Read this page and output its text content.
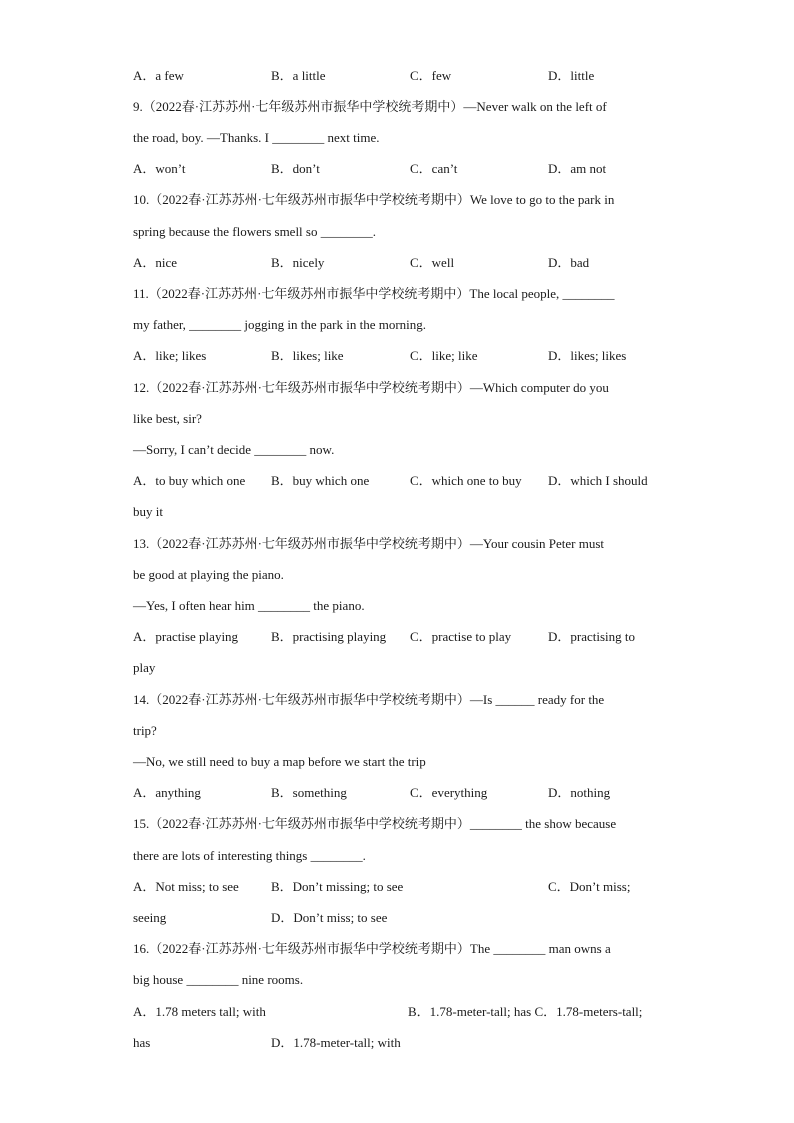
A．a few	B．a little	C．few	D．little
9.（2022春·江苏苏州·七年级苏州市振华中学校统考期中）—Never walk on the left of
the road, boy. —Thanks. I ________ next time.
A．won’t	B．don’t	C．can’t	D．am not
10.（2022春·江苏苏州·七年级苏州市振华中学校统考期中）We love to go to the park in
spring because the flowers smell so ________.
A．nice	B．nicely	C．well	D．bad
11.（2022春·江苏苏州·七年级苏州市振华中学校统考期中）The local people, ________
my father, ________ jogging in the park in the morning.
A．like; likes	B．likes; like	C．like; like	D．likes; likes
12.（2022春·江苏苏州·七年级苏州市振华中学校统考期中）—Which computer do you
like best, sir?
—Sorry, I can’t decide ________ now.
A．to buy which one B．buy which one	C．which one to buy D．which I should
buy it
13.（2022春·江苏苏州·七年级苏州市振华中学校统考期中）—Your cousin Peter must
be good at playing the piano.
—Yes, I often hear him ________ the piano.
A．practise playing	B．practising playing C．practise to play	D．practising to
play
14.（2022春·江苏苏州·七年级苏州市振华中学校统考期中）—Is ______ ready for the
trip?
—No, we still need to buy a map before we start the trip
A．anything	B．something	C．everything	D．nothing
15.（2022春·江苏苏州·七年级苏州市振华中学校统考期中）________ the show because
there are lots of interesting things ________.
A．Not miss; to see B．Don’t missing; to see	C．Don’t miss;
seeing	D．Don’t miss; to see
16.（2022春·江苏苏州·七年级苏州市振华中学校统考期中）The ________ man owns a
big house ________ nine rooms.
A．1.78 meters tall; with	B．1.78-meter-tall; has C．1.78-meters-tall;
has	D．1.78-meter-tall; with
